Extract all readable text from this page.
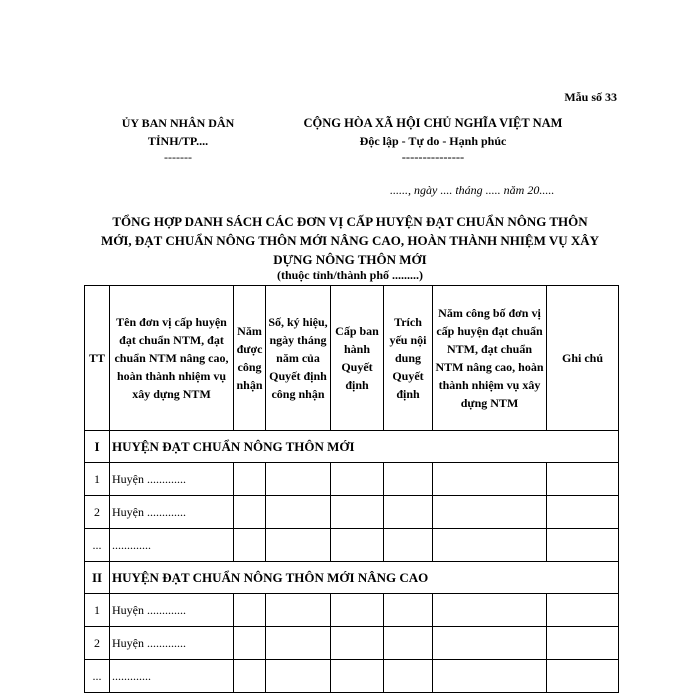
Mẫu số 33
ỦY BAN NHÂN DÂN
TỈNH/TP....
-------
CỘNG HÒA XÃ HỘI CHỦ NGHĨA VIỆT NAM
Độc lập - Tự do - Hạnh phúc
---------------
......, ngày .... tháng ..... năm 20.....
TỔNG HỢP DANH SÁCH CÁC ĐƠN VỊ CẤP HUYỆN ĐẠT CHUẨN NÔNG THÔN
MỚI, ĐẠT CHUẨN NÔNG THÔN MỚI NÂNG CAO, HOÀN THÀNH NHIỆM VỤ XÂY
DỰNG NÔNG THÔN MỚI
(thuộc tỉnh/thành phố .........)
TT	Tên đơn vị cấp huyện đạt chuẩn NTM, đạt chuẩn NTM nâng cao, hoàn thành nhiệm vụ xây dựng NTM	Năm được công nhận	Số, ký hiệu, ngày tháng năm của Quyết định công nhận	Cấp ban hành Quyết định	Trích yếu nội dung Quyết định	Năm công bố đơn vị cấp huyện đạt chuẩn NTM, đạt chuẩn NTM nâng cao, hoàn thành nhiệm vụ xây dựng NTM	Ghi chú
I	HUYỆN ĐẠT CHUẨN NÔNG THÔN MỚI						
1	Huyện .............						
2	Huyện .............						
...	.............						
II	HUYỆN ĐẠT CHUẨN NÔNG THÔN MỚI NÂNG CAO						
1	Huyện .............						
2	Huyện .............						
...	.............						
